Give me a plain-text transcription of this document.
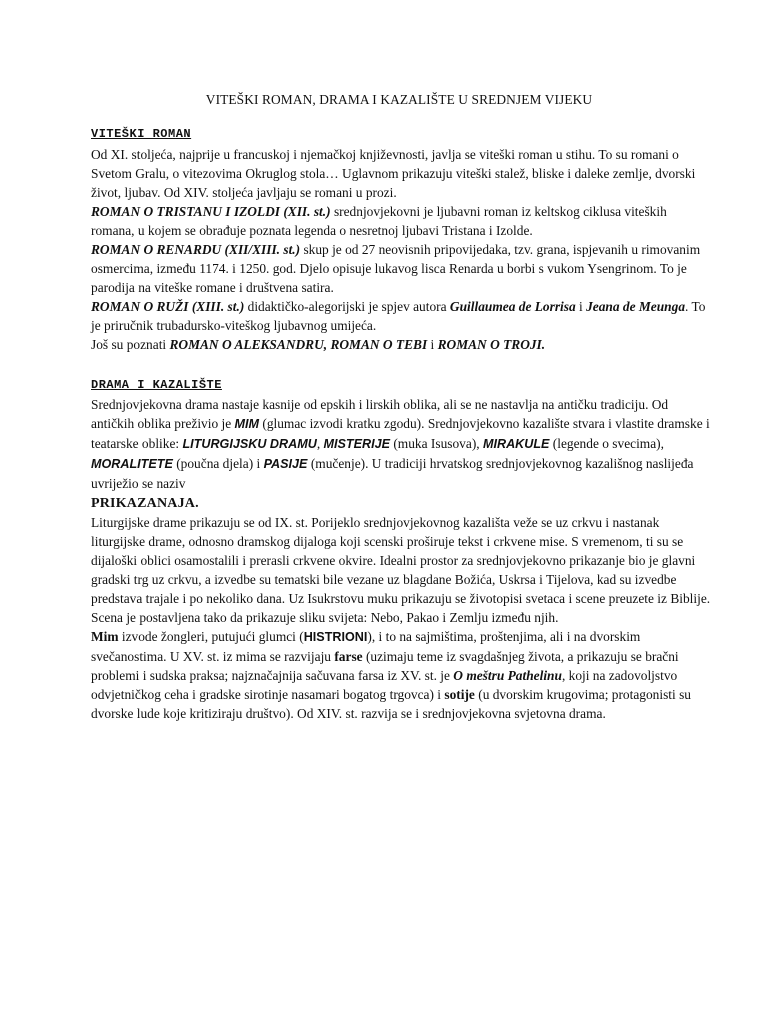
VITEŠKI ROMAN, DRAMA I KAZALIŠTE U SREDNJEM VIJEKU
VITEŠKI ROMAN

Od XI. stoljeća, najprije u francuskoj i njemačkoj književnosti, javlja se viteški roman u stihu. To su romani o Svetom Gralu, o vitezovima Okruglog stola… Uglavnom prikazuju viteški stalež, bliske i daleke zemlje, dvorski život, ljubav. Od XIV. stoljeća javljaju se romani u prozi.

ROMAN O TRISTANU I IZOLDI (XII. st.) srednjovjekovni je ljubavni roman iz keltskog ciklusa viteških romana, u kojem se obrađuje poznata legenda o nesretnoj ljubavi Tristana i Izolde.

ROMAN O RENARDU (XII/XIII. st.) skup je od 27 neovisnih pripovijedaka, tzv. grana, ispjevanih u rimovanim osmercima, između 1174. i 1250. god. Djelo opisuje lukavog lisca Renarda u borbi s vukom Ysengrinom. To je parodija na viteške romane i društvena satira.

ROMAN O RUŽI (XIII. st.) didaktičko-alegorijski je spjev autora Guillaumea de Lorrisa i Jeana de Meunga. To je priručnik trubadursko-viteškog ljubavnog umijeća.

Još su poznati ROMAN O ALEKSANDRU, ROMAN O TEBI i ROMAN O TROJI.

DRAMA I KAZALIŠTE

Srednjovjekovna drama nastaje kasnije od epskih i lirskih oblika, ali se ne nastavlja na antičku tradiciju. Od antičkih oblika preživio je MIM (glumac izvodi kratku zgodu). Srednjovjekovno kazalište stvara i vlastite dramske i teatarske oblike: LITURGIJSKU DRAMU, MISTERIJE (muka Isusova), MIRAKULE (legende o svecima), MORALITETE (poučna djela) i PASIJE (mučenje). U tradiciji hrvatskog srednjovjekovnog kazališnog naslijeđa uvriježio se naziv
PRIKAZANAJA.

Liturgijske drame prikazuju se od IX. st. Porijeklo srednjovjekovnog kazališta veže se uz crkvu i nastanak liturgijske drame, odnosno dramskog dijaloga koji scenski proširuje tekst i crkvene mise. S vremenom, ti su se dijaloški oblici osamostalili i prerasli crkvene okvire. Idealni prostor za srednjovjekovno prikazanje bio je glavni gradski trg uz crkvu, a izvedbe su tematski bile vezane uz blagdane Božića, Uskrsa i Tijelova, kad su izvedbe predstava trajale i po nekoliko dana. Uz Isukrstovu muku prikazuju se životopisi svetaca i scene preuzete iz Biblije. Scena je postavljena tako da prikazuje sliku svijeta: Nebo, Pakao i Zemlju između njih.

Mim izvode žongleri, putujući glumci (HISTRIONI), i to na sajmištima, proštenjima, ali i na dvorskim svečanostima. U XV. st. iz mima se razvijaju farse (uzimaju teme iz svagdašnjeg života, a prikazuju se bračni problemi i sudska praksa; najznačajnija sačuvana farsa iz XV. st. je O meštru Pathelinu, koji na zadovoljstvo odvjetničkog ceha i gradske sirotinje nasamari bogatog trgovca) i sotije (u dvorskim krugovima; protagonisti su dvorske lude koje kritiziraju društvo). Od XIV. st. razvija se i srednjovjekovna svjetovna drama.
